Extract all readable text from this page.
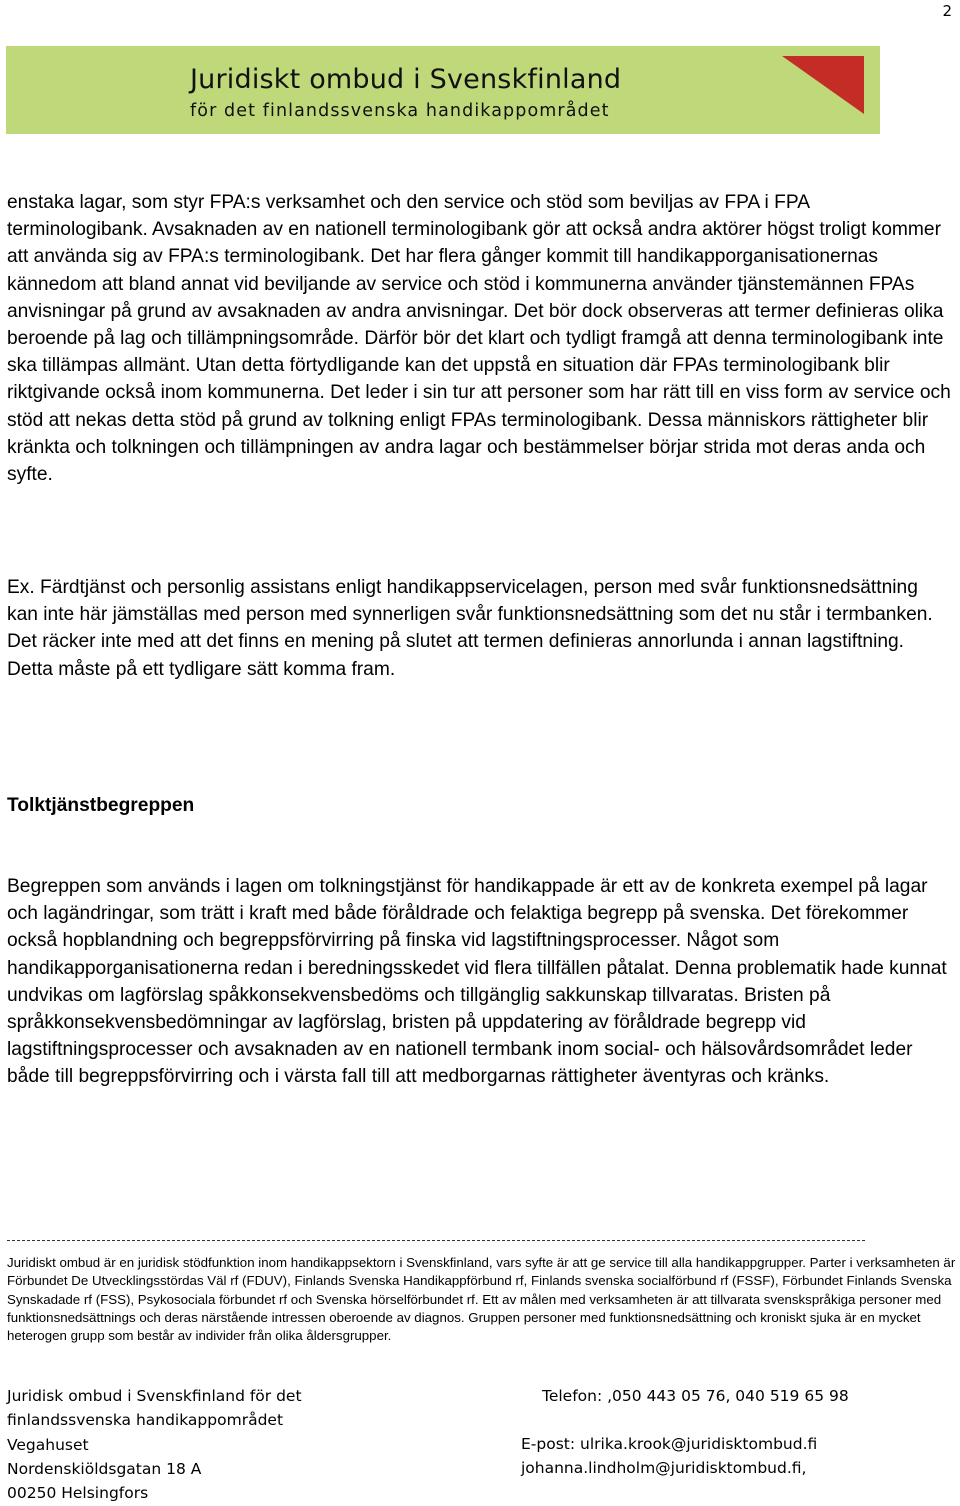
2
Juridiskt ombud i Svenskfinland
för det finlandssvenska handikappområdet

enstaka lagar, som styr FPA:s verksamhet och den service och stöd som beviljas av FPA i FPA terminologibank. Avsaknaden av en nationell terminologibank gör att också andra aktörer högst troligt kommer att använda sig av FPA:s terminologibank. Det har flera gånger kommit till handikapporganisationernas kännedom att bland annat vid beviljande av service och stöd i kommunerna använder tjänstemännen FPAs anvisningar på grund av avsaknaden av andra anvisningar. Det bör dock observeras att termer definieras olika beroende på lag och tillämpningsområde. Därför bör det klart och tydligt framgå att denna terminologibank inte ska tillämpas allmänt. Utan detta förtydligande kan det uppstå en situation där FPAs terminologibank blir riktgivande också inom kommunerna. Det leder i sin tur att personer som har rätt till en viss form av service och stöd att nekas detta stöd på grund av tolkning enligt FPAs terminologibank. Dessa människors rättigheter blir kränkta och tolkningen och tillämpningen av andra lagar och bestämmelser börjar strida mot deras anda och syfte.

Ex. Färdtjänst och personlig assistans enligt handikappservicelagen, person med svår funktionsnedsättning kan inte här jämställas med person med synnerligen svår funktionsnedsättning som det nu står i termbanken. Det räcker inte med att det finns en mening på slutet att termen definieras annorlunda i annan lagstiftning. Detta måste på ett tydligare sätt komma fram.

Tolktjänstbegreppen

Begreppen som används i lagen om tolkningstjänst för handikappade är ett av de konkreta exempel på lagar och lagändringar, som trätt i kraft med både föråldrade och felaktiga begrepp på svenska. Det förekommer också hopblandning och begreppsförvirring på finska vid lagstiftningsprocesser. Något som handikapporganisationerna redan i beredningsskedet vid flera tillfällen påtalat. Denna problematik hade kunnat undvikas om lagförslag spåkkonsekvensbedöms och tillgänglig sakkunskap tillvaratas. Bristen på språkkonsekvensbedömningar av lagförslag, bristen på uppdatering av föråldrade begrepp vid lagstiftningsprocesser och avsaknaden av en nationell termbank inom social- och hälsovårdsområdet leder både till begreppsförvirring och i värsta fall till att medborgarnas rättigheter äventyras och kränks.

Juridiskt ombud är en juridisk stödfunktion inom handikappsektorn i Svenskfinland, vars syfte är att ge service till alla handikappgrupper. Parter i verksamheten är Förbundet De Utvecklingsstördas Väl rf (FDUV), Finlands Svenska Handikappförbund rf, Finlands svenska socialförbund rf (FSSF), Förbundet Finlands Svenska Synskadade rf (FSS), Psykosociala förbundet rf och Svenska hörselförbundet rf. Ett av målen med verksamheten är att tillvarata svenskspråkiga personer med funktionsnedsättnings och deras närstående intressen oberoende av diagnos. Gruppen personer med funktionsnedsättning och kroniskt sjuka är en mycket heterogen grupp som består av individer från olika åldersgrupper.

Juridisk ombud i Svenskfinland för det
finlandssvenska handikappområdet
Vegahuset
Nordenskiöldsgatan 18 A
00250 Helsingfors
Telefon: ,050 443 05 76, 040 519 65 98
E-post: ulrika.krook@juridisktombud.fi
johanna.lindholm@juridisktombud.fi,
